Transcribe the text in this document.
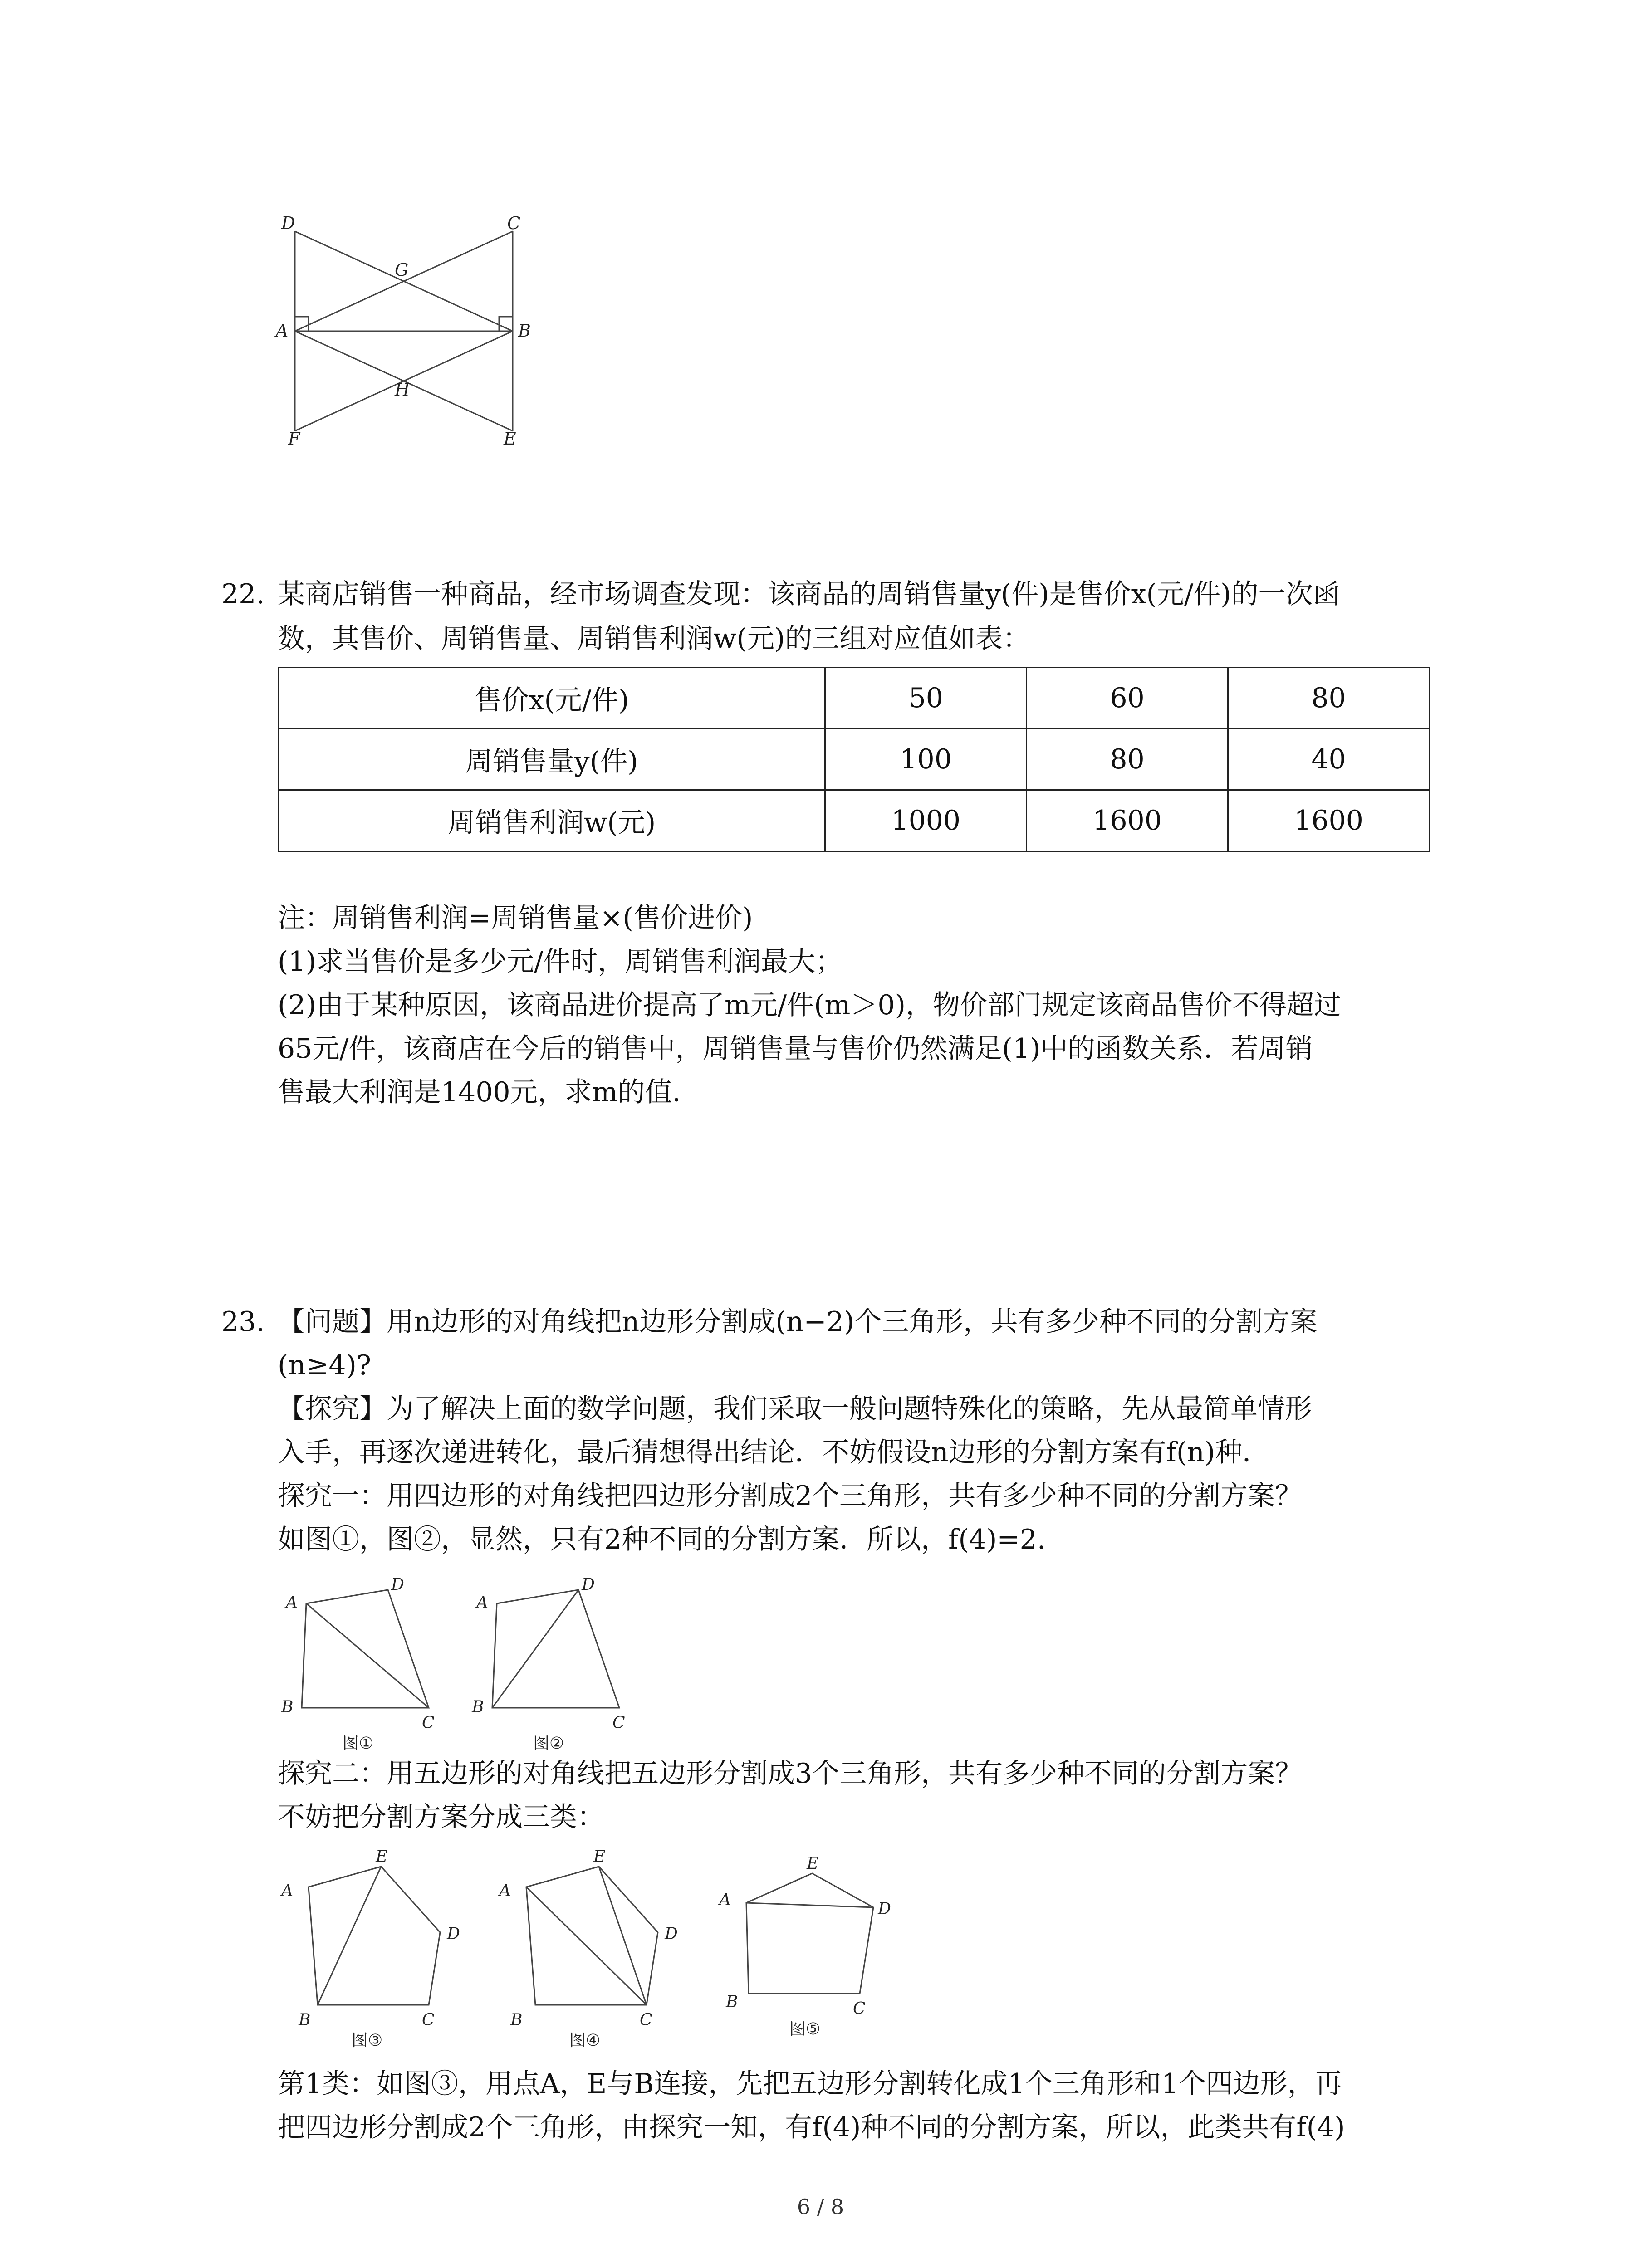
D	C
G
A	B
H
F	E
22. 某商店销售一种商品，经市场调查发现：该商品的周销售量y(件)是售价x(元/件)的一次函
数，其售价、周销售量、周销售利润w(元)的三组对应值如表：
售价x(元/件)	50	60	80
周销售量y(件)	100	80	40
周销售利润w(元)	1000	1600	1600
注：周销售利润=周销售量×(售价进价)
(1)求当售价是多少元/件时，周销售利润最大；
(2)由于某种原因，该商品进价提高了m元/件(m＞0)，物价部门规定该商品售价不得超过
65元/件，该商店在今后的销售中，周销售量与售价仍然满足(1)中的函数关系．若周销
售最大利润是1400元，求m的值．
23. 【问题】用n边形的对角线把n边形分割成(n−2)个三角形，共有多少种不同的分割方案
(n≥4)?
【探究】为了解决上面的数学问题，我们采取一般问题特殊化的策略，先从最简单情形
入手，再逐次递进转化，最后猜想得出结论．不妨假设n边形的分割方案有f(n)种．
探究一：用四边形的对角线把四边形分割成2个三角形，共有多少种不同的分割方案？
如图①，图②，显然，只有2种不同的分割方案．所以，f(4)=2.
A
D
B
C
图①
A
D
B
C
图②
探究二：用五边形的对角线把五边形分割成3个三角形，共有多少种不同的分割方案？
不妨把分割方案分成三类：
A
E
D
B	C
图③
A
E
D
B	C
图④
A
E
D
B	C
图⑤
第1类：如图③，用点A，E与B连接，先把五边形分割转化成1个三角形和1个四边形，再
把四边形分割成2个三角形，由探究一知，有f(4)种不同的分割方案，所以，此类共有f(4)
6 / 8
